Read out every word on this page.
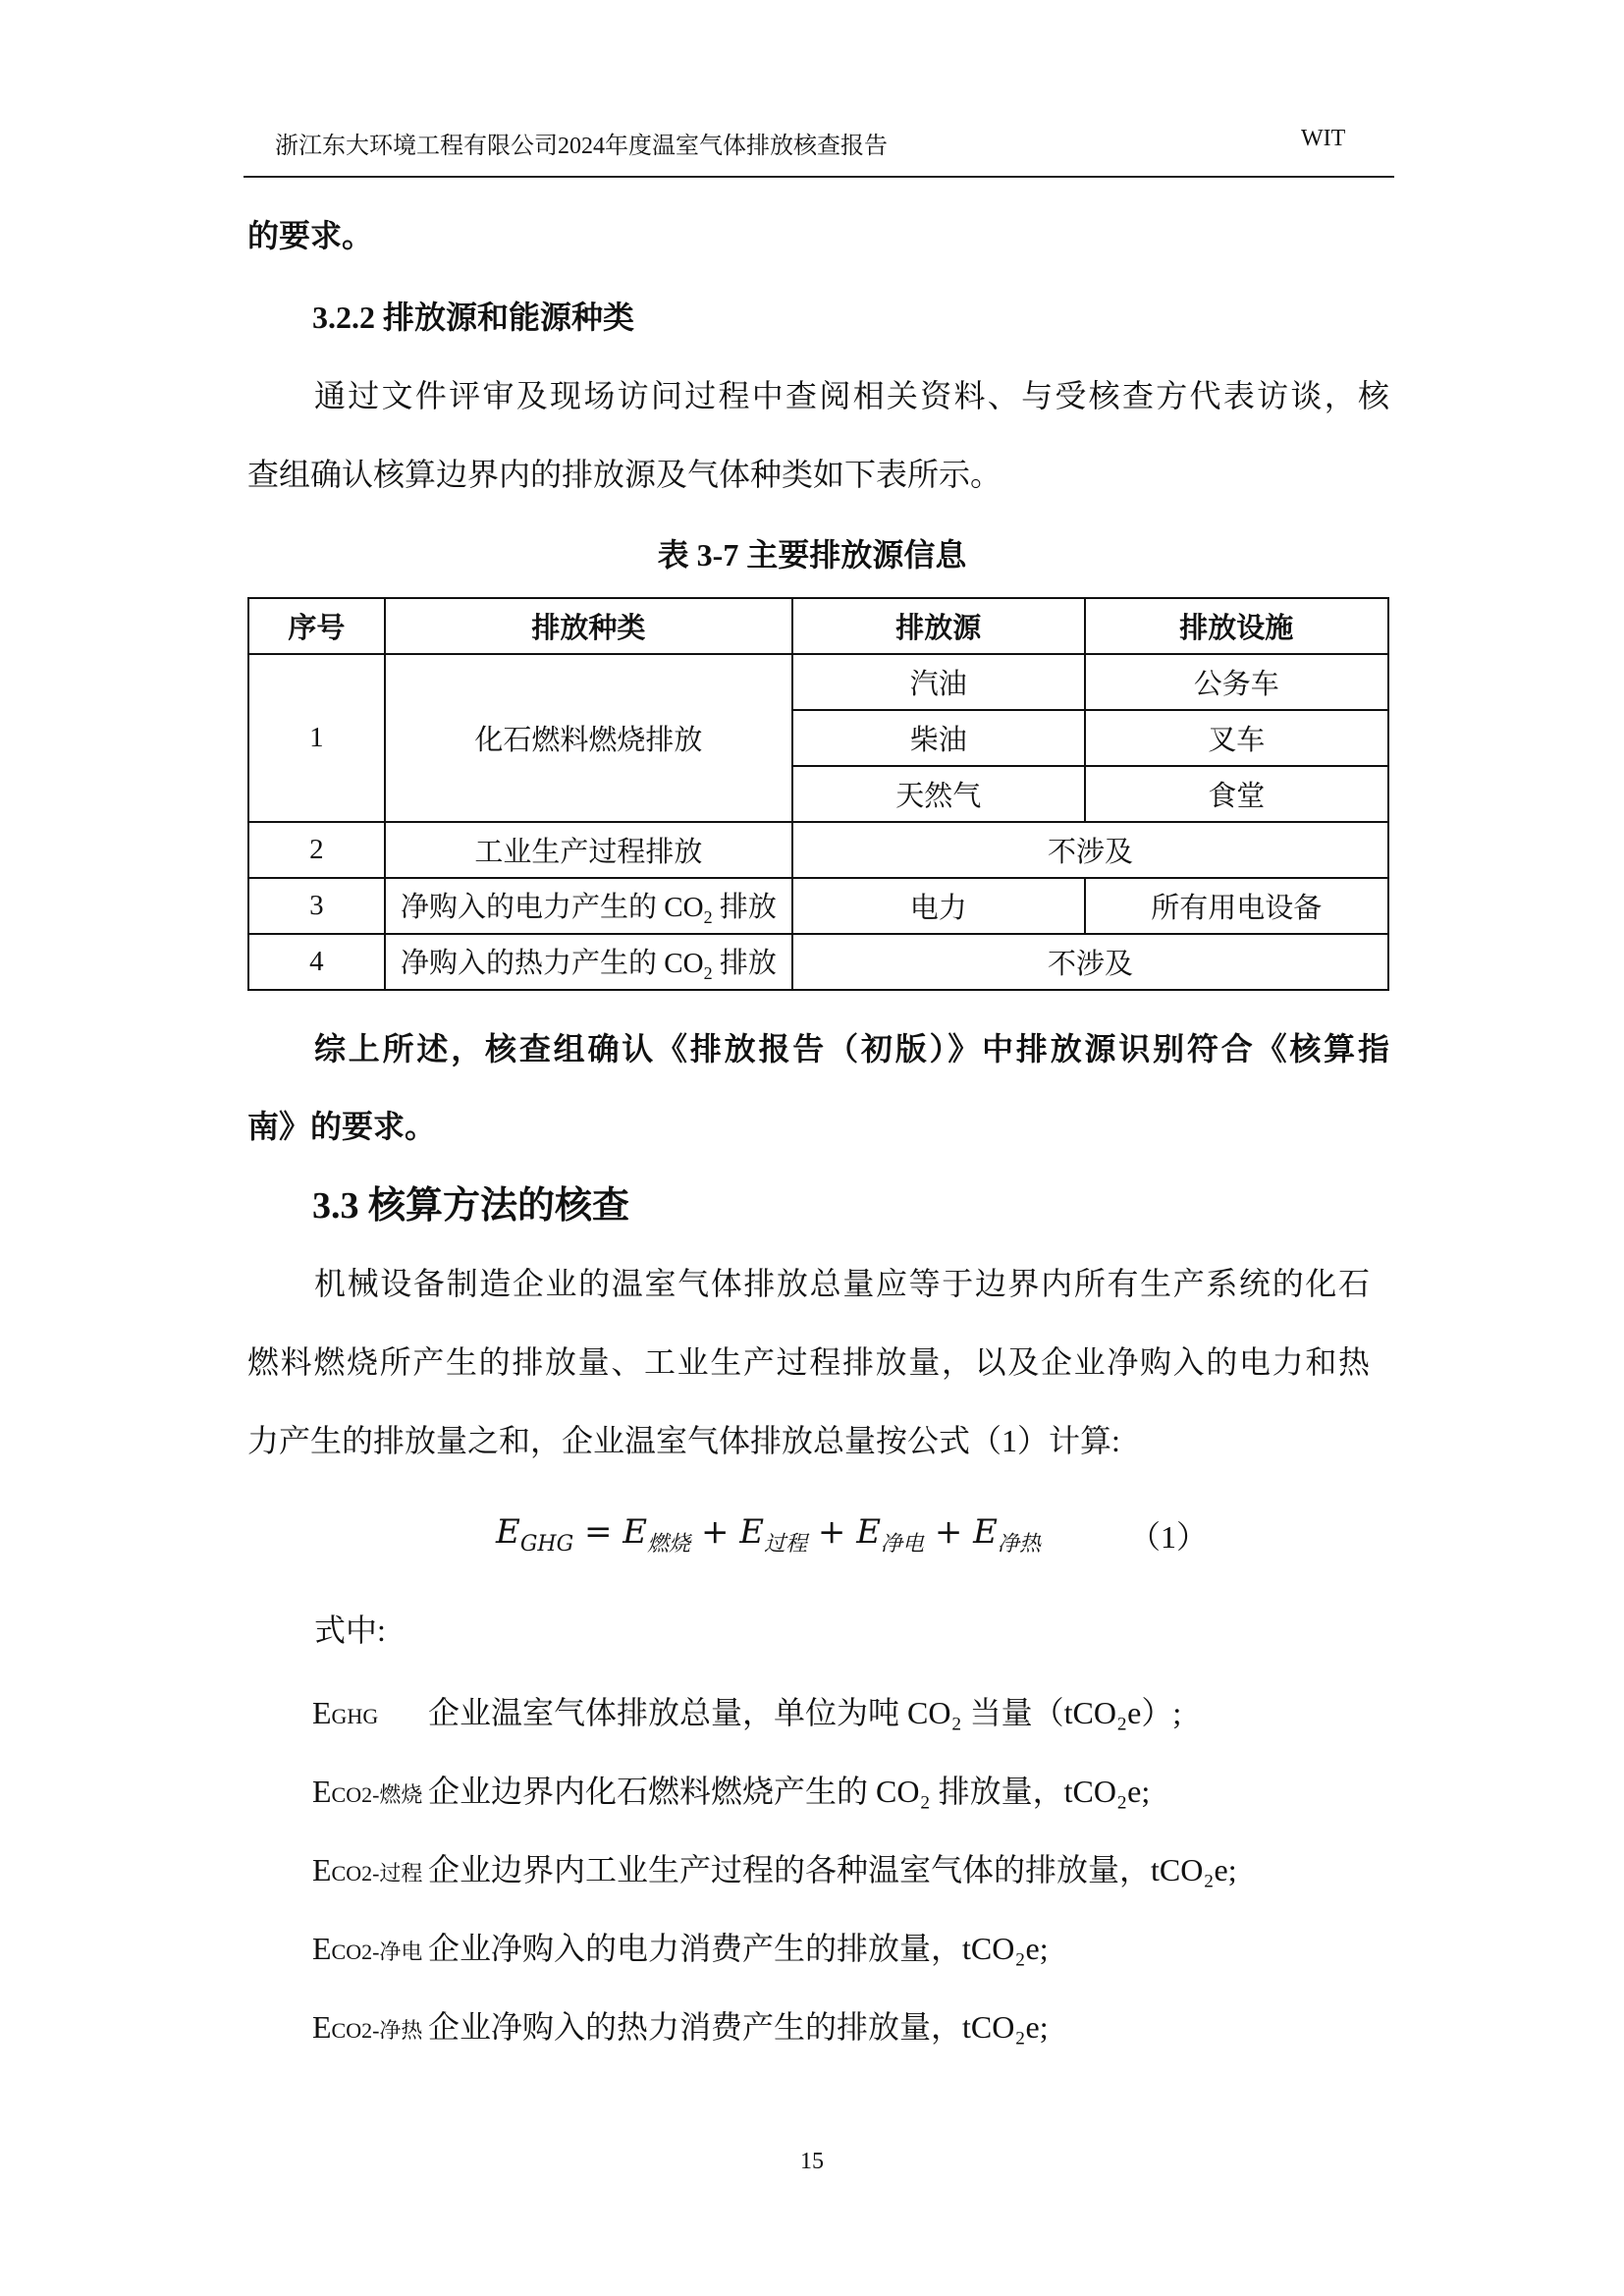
浙江东大环境工程有限公司2024年度温室气体排放核查报告	WIT
的要求。
3.2.2 排放源和能源种类
通过文件评审及现场访问过程中查阅相关资料、与受核查方代表访谈，核
查组确认核算边界内的排放源及气体种类如下表所示。
表 3-7 主要排放源信息
序号	排放种类	排放源	排放设施
1	化石燃料燃烧排放	汽油	公务车
		柴油	叉车
		天然气	食堂
2	工业生产过程排放	不涉及	
3	净购入的电力产生的 $CO_2$ 排放	电力	所有用电设备
4	净购入的热力产生的 $CO_2$ 排放	不涉及	
综上所述，核查组确认《排放报告（初版）》中排放源识别符合《核算指
南》的要求。
3.3 核算方法的核查
机械设备制造企业的温室气体排放总量应等于边界内所有生产系统的化石
燃料燃烧所产生的排放量、工业生产过程排放量，以及企业净购入的电力和热
力产生的排放量之和，企业温室气体排放总量按公式（1）计算:
$E_{GHG} = E_{燃烧} + E_{过程} + E_{净电} + E_{净热}$	（1）
式中:
EGHG 企业温室气体排放总量，单位为吨 CO₂ 当量（tCO₂e）;
ECO2-燃烧 企业边界内化石燃料燃烧产生的 CO₂ 排放量，tCO₂e;
ECO2-过程 企业边界内工业生产过程的各种温室气体的排放量，tCO₂e;
ECO2-净电 企业净购入的电力消费产生的排放量，tCO₂e;
ECO2-净热 企业净购入的热力消费产生的排放量，tCO₂e;
15
